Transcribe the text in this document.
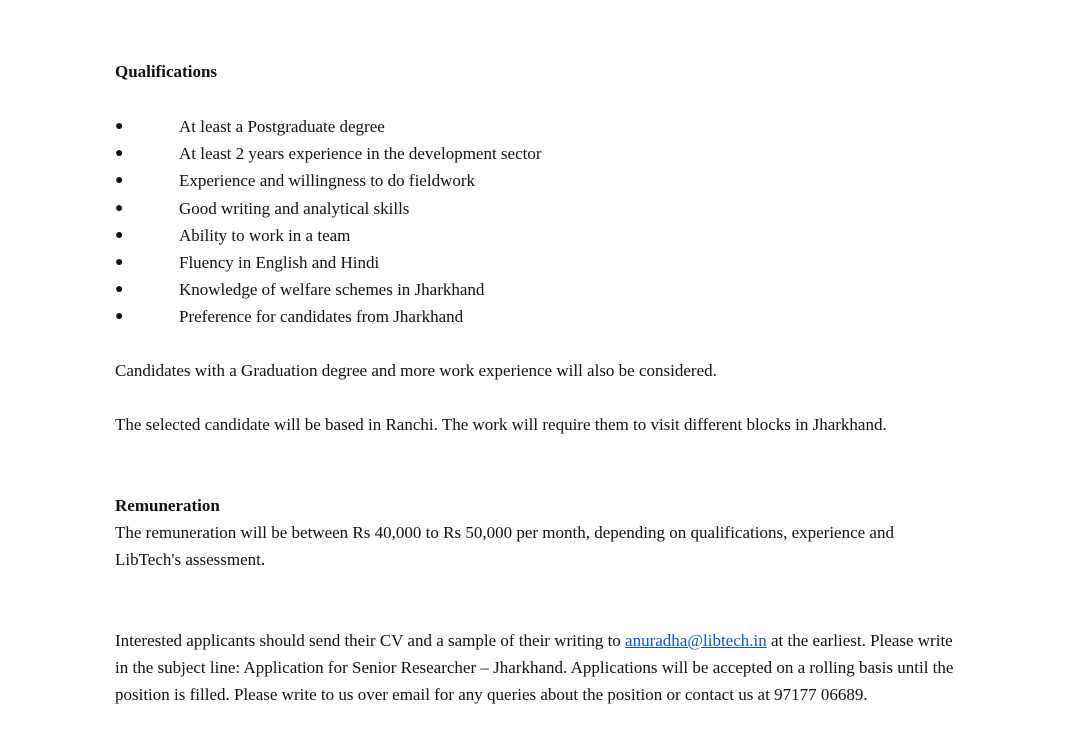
Qualifications
●	At least a Postgraduate degree
●	At least 2 years experience in the development sector
●	Experience and willingness to do fieldwork
●	Good writing and analytical skills
●	Ability to work in a team
●	Fluency in English and Hindi
●	Knowledge of welfare schemes in Jharkhand
●	Preference for candidates from Jharkhand

Candidates with a Graduation degree and more work experience will also be considered.

The selected candidate will be based in Ranchi. The work will require them to visit different blocks in Jharkhand.

Remuneration

The remuneration will be between Rs 40,000 to Rs 50,000 per month, depending on qualifications, experience and LibTech's assessment.

Interested applicants should send their CV and a sample of their writing to anuradha@libtech.in at the earliest. Please write in the subject line: Application for Senior Researcher – Jharkhand. Applications will be accepted on a rolling basis until the position is filled. Please write to us over email for any queries about the position or contact us at 97177 06689.
